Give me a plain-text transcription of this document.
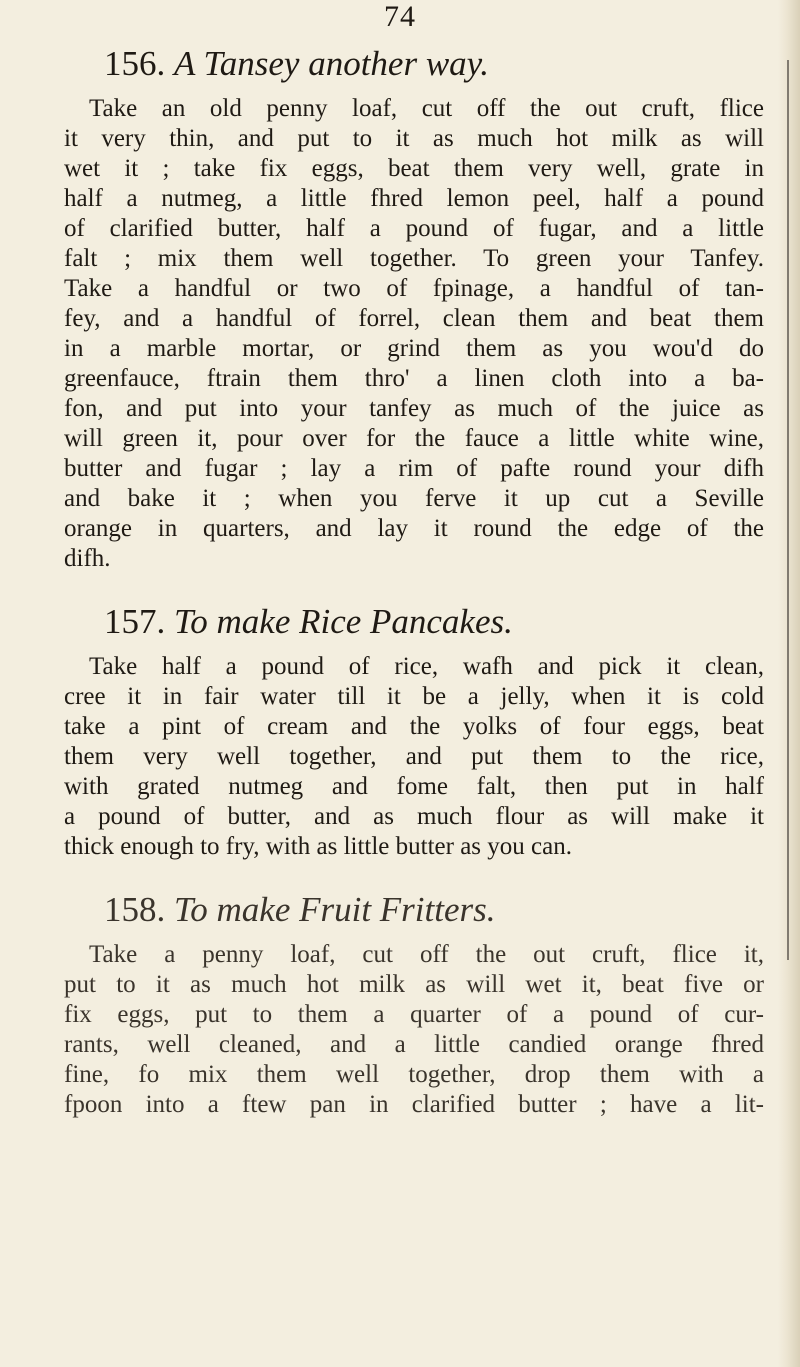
74
156. A Tansey another way.
Take an old penny loaf, cut off the out cruft, flice
it very thin, and put to it as much hot milk as will
wet it ; take fix eggs, beat them very well, grate in
half a nutmeg, a little fhred lemon peel, half a pound
of clarified butter, half a pound of fugar, and a little
falt ; mix them well together. To green your Tanfey.
Take a handful or two of fpinage, a handful of tan-
fey, and a handful of forrel, clean them and beat them
in a marble mortar, or grind them as you wou'd do
greenfauce, ftrain them thro' a linen cloth into a ba-
fon, and put into your tanfey as much of the juice as
will green it, pour over for the fauce a little white wine,
butter and fugar ; lay a rim of pafte round your difh
and bake it ; when you ferve it up cut a Seville
orange in quarters, and lay it round the edge of the
difh.
157. To make Rice Pancakes.
Take half a pound of rice, wafh and pick it clean,
cree it in fair water till it be a jelly, when it is cold
take a pint of cream and the yolks of four eggs, beat
them very well together, and put them to the rice,
with grated nutmeg and fome falt, then put in half
a pound of butter, and as much flour as will make it
thick enough to fry, with as little butter as you can.
158. To make Fruit Fritters.
Take a penny loaf, cut off the out cruft, flice it,
put to it as much hot milk as will wet it, beat five or
fix eggs, put to them a quarter of a pound of cur-
rants, well cleaned, and a little candied orange fhred
fine, fo mix them well together, drop them with a
fpoon into a ftew pan in clarified butter ; have a lit-
